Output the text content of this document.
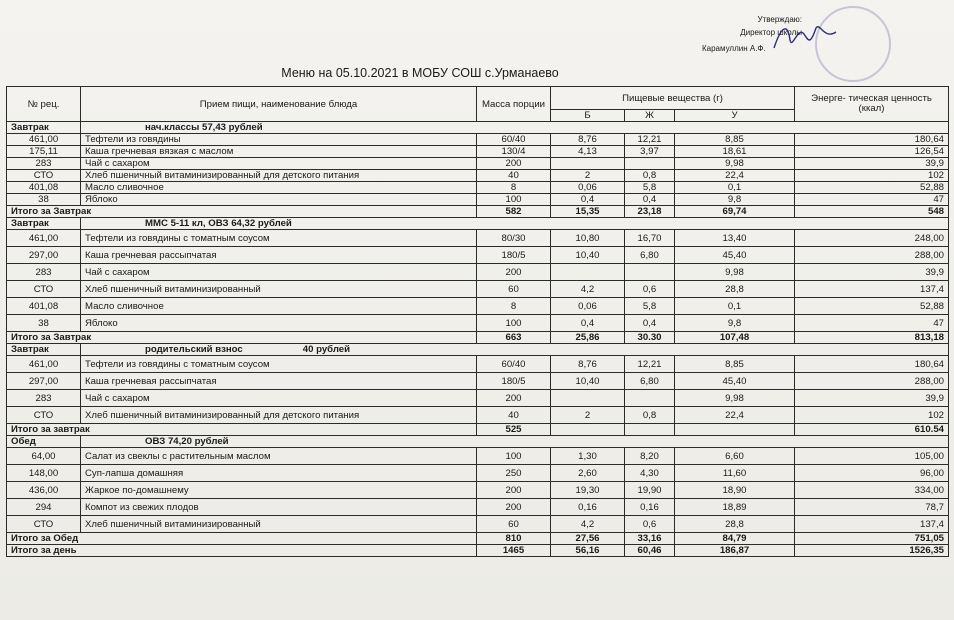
Утверждаю:
Директор школы
Карамуллин А.Ф.
Меню на 05.10.2021 в МОБУ СОШ с.Урманаево
№ рец.	Прием пищи, наименование блюда	Масса порции	Пищевые вещества (г)			Энерге- тическая ценность (ккал)
			Б	Ж	У	
Завтрак	нач.классы 57,43 рублей					
461,00	Тефтели из говядины	60/40	8,76	12,21	8,85	180,64
175,11	Каша гречневая вязкая с маслом	130/4	4,13	3,97	18,61	126,54
283	Чай с сахаром	200			9,98	39,9
СТО	Хлеб пшеничный витаминизированный для детского питания	40	2	0,8	22,4	102
401,08	Масло сливочное	8	0,06	5,8	0,1	52,88
38	Яблоко	100	0,4	0,4	9,8	47
Итого за Завтрак		582	15,35	23,18	69,74	548
Завтрак	ММС 5-11 кл, ОВЗ 64,32 рублей					
461,00	Тефтели из говядины с томатным соусом	80/30	10,80	16,70	13,40	248,00
297,00	Каша гречневая рассыпчатая	180/5	10,40	6,80	45,40	288,00
283	Чай с сахаром	200			9,98	39,9
СТО	Хлеб пшеничный витаминизированный	60	4,2	0,6	28,8	137,4
401,08	Масло сливочное	8	0,06	5,8	0,1	52,88
38	Яблоко	100	0,4	0,4	9,8	47
Итого за Завтрак		663	25,86	30.30	107,48	813,18
Завтрак	родительский взнос 40 рублей					
461,00	Тефтели из говядины с томатным соусом	60/40	8,76	12,21	8,85	180,64
297,00	Каша гречневая рассыпчатая	180/5	10,40	6,80	45,40	288,00
283	Чай с сахаром	200			9,98	39,9
СТО	Хлеб пшеничный витаминизированный для детского питания	40	2	0,8	22,4	102
Итого за завтрак		525				610.54
Обед	ОВЗ 74,20 рублей					
64,00	Салат из свеклы с растительным маслом	100	1,30	8,20	6,60	105,00
148,00	Суп-лапша домашняя	250	2,60	4,30	11,60	96,00
436,00	Жаркое по-домашнему	200	19,30	19,90	18,90	334,00
294	Компот из свежих плодов	200	0,16	0,16	18,89	78,7
СТО	Хлеб пшеничный витаминизированный	60	4,2	0,6	28,8	137,4
Итого за Обед		810	27,56	33,16	84,79	751,05
Итого за день		1465	56,16	60,46	186,87	1526,35
